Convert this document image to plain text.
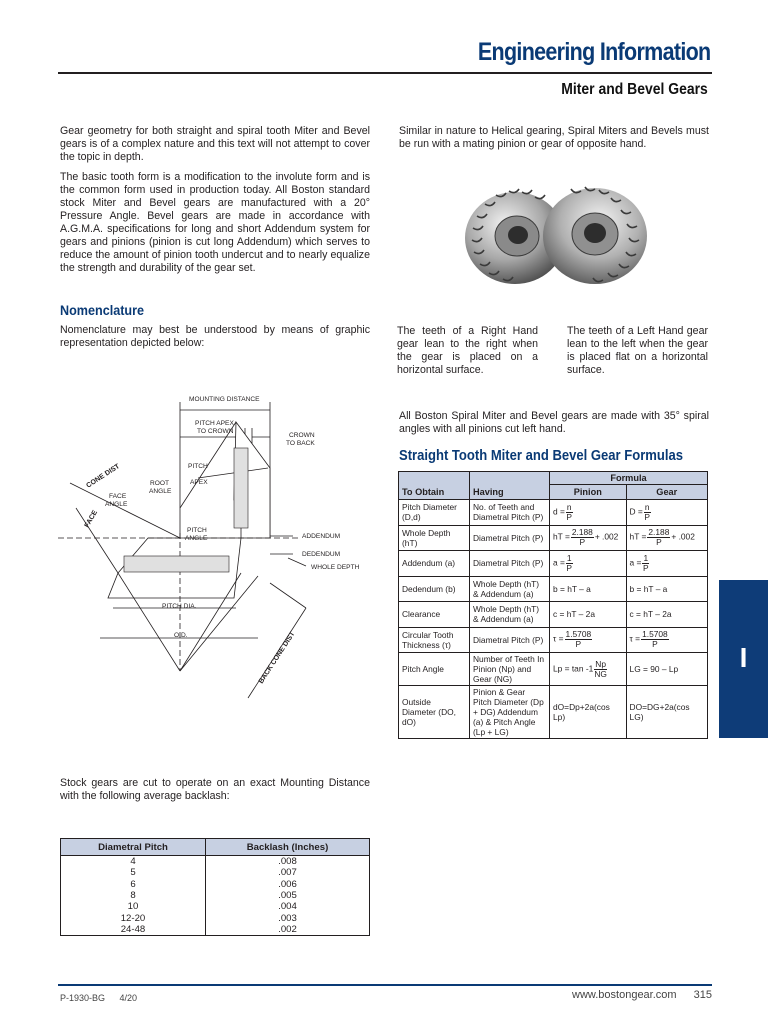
Engineering Information
Miter and Bevel Gears

Gear geometry for both straight and spiral tooth Miter and Bevel gears is of a complex nature and this text will not attempt to cover the topic in depth.

The basic tooth form is a modification to the involute form and is the common form used in production today. All Boston standard stock Miter and Bevel gears are manufactured with a 20° Pressure Angle. Bevel gears are made in accordance with A.G.M.A. specifications for long and short Addendum system for gears and pinions (pinion is cut long Addendum) which serves to reduce the amount of pinion tooth undercut and to nearly equalize the strength and durability of the gear set.

Nomenclature

Nomenclature may best be understood by means of graphic representation depicted below:

Similar in nature to Helical gearing, Spiral Miters and Bevels must be run with a mating pinion or gear of opposite hand.

The teeth of a Right Hand gear lean to the right when the gear is placed on a horizontal surface.

The teeth of a Left Hand gear lean to the left when the gear is placed flat on a horizontal surface.

All Boston Spiral Miter and Bevel gears are made with 35° spiral angles with all pinions cut left hand.

Straight Tooth Miter and Bevel Gear Formulas
		Formula	
To Obtain	Having	Pinion	Gear
Pitch Diameter (D,d)	No. of Teeth and Diametral Pitch (P)	$d = \frac{n}{P}$	$D = \frac{n}{P}$

Whole Depth (hT)	Diametral Pitch (P)	hT = $\frac{2.188}{P} + .002$	hT = $\frac{2.188}{P} + .002$
Addendum (a)	Diametral Pitch (P)	$a = \frac{1}{P}$	$a = \frac{1}{P}$

Dedendum (b)	Whole Depth (hT) & Addendum (a)	b = hT – a	b = hT – a
Clearance	Whole Depth (hT) & Addendum (a)	c = hT – 2a	c = hT – 2a
Circular Tooth Thickness (τ)	Diametral Pitch (P)	$\tau = \frac{1.5708}{P}$	$\tau = \frac{1.5708}{P}$

Pitch Angle	Number of Teeth In Pinion (Np) and Gear (NG)	$Lp = \tan -1 \frac{Np}{NG}$	LG = 90 – Lp
Outside Diameter (DO, dO)	Pinion & Gear Pitch Diameter (Dp + DG) Addendum (a) & Pitch Angle (Lp + LG)	dO=Dp+2a(cos Lp)	DO=DG+2a(cos LG)
I
MOUNTING DISTANCE
PITCH APEX
TO CROWN
CROWN
TO BACK
PITCH
APEX
ROOT
ANGLE
FACE
ANGLE
PITCH
ANGLE	ADDENDUM
DEDENDUM
WHOLE DEPTH
PITCH DIA.
O.D.
CONE DIST
FACE
BACK CONE DIST

Stock gears are cut to operate on an exact Mounting Distance with the following average backlash:

Diametral Pitch	Backlash (Inches)
4	.008
5	.007
6	.006
8	.005
10	.004
12-20	.003
24-48	.002
P-1930-BG 4/20	www.bostongear.com 315
